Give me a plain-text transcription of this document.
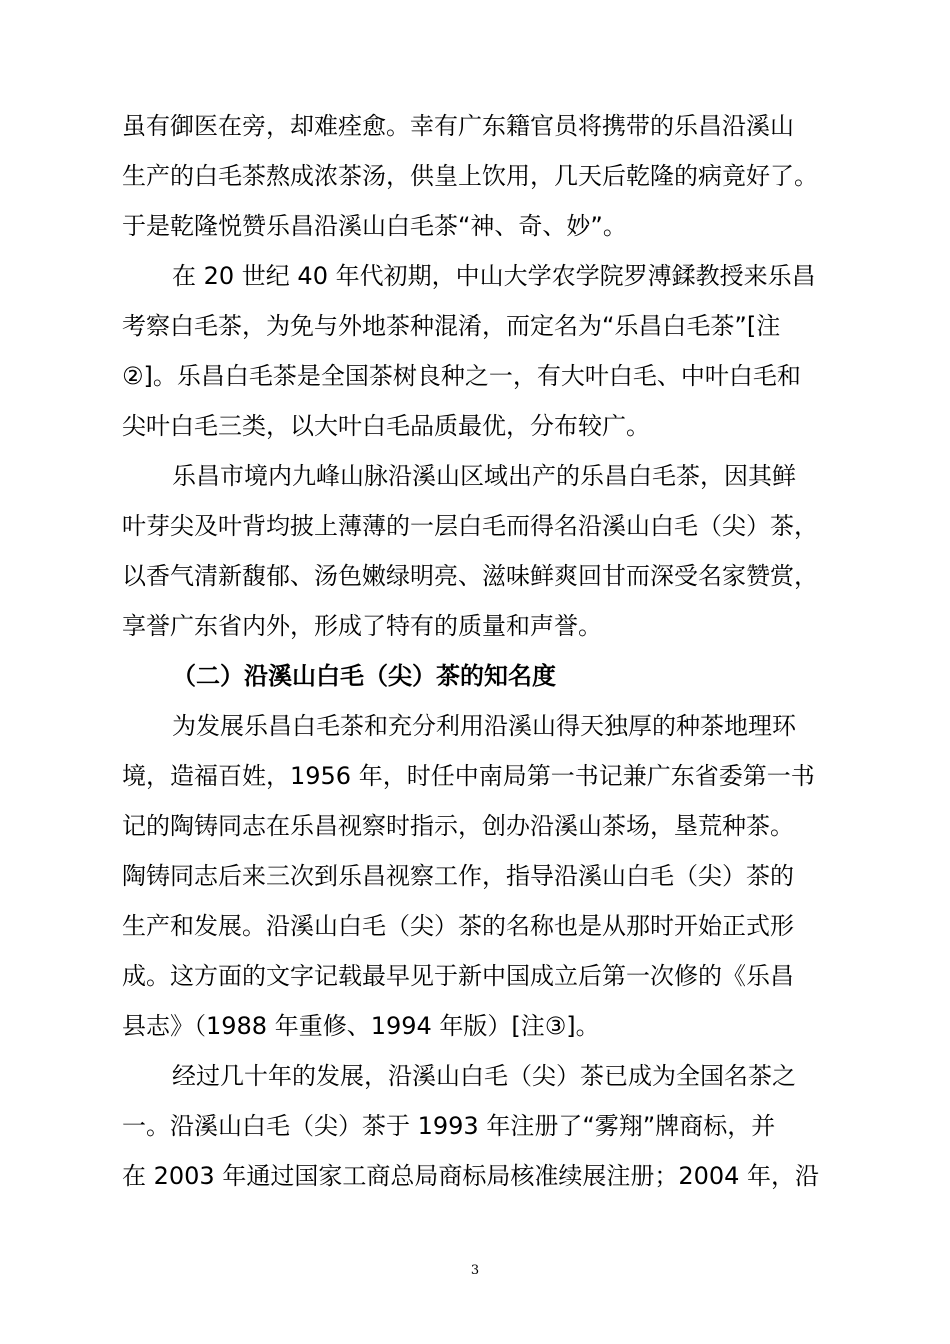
虽有御医在旁，却难痊愈。幸有广东籍官员将携带的乐昌沿溪山
生产的白毛茶熬成浓茶汤，供皇上饮用，几天后乾隆的病竟好了。
于是乾隆悦赞乐昌沿溪山白毛茶“神、奇、妙”。
在 20 世纪 40 年代初期，中山大学农学院罗溥鍒教授来乐昌
考察白毛茶，为免与外地茶种混淆，而定名为“乐昌白毛茶”[注
②]。乐昌白毛茶是全国茶树良种之一，有大叶白毛、中叶白毛和
尖叶白毛三类，以大叶白毛品质最优，分布较广。
乐昌市境内九峰山脉沿溪山区域出产的乐昌白毛茶，因其鲜
叶芽尖及叶背均披上薄薄的一层白毛而得名沿溪山白毛（尖）茶，
以香气清新馥郁、汤色嫩绿明亮、滋味鲜爽回甘而深受名家赞赏，
享誉广东省内外，形成了特有的质量和声誉。
（二）沿溪山白毛（尖）茶的知名度
为发展乐昌白毛茶和充分利用沿溪山得天独厚的种茶地理环
境，造福百姓，1956 年，时任中南局第一书记兼广东省委第一书
记的陶铸同志在乐昌视察时指示，创办沿溪山茶场，垦荒种茶。
陶铸同志后来三次到乐昌视察工作，指导沿溪山白毛（尖）茶的
生产和发展。沿溪山白毛（尖）茶的名称也是从那时开始正式形
成。这方面的文字记载最早见于新中国成立后第一次修的《乐昌
县志》（1988 年重修、1994 年版）[注③]。
经过几十年的发展，沿溪山白毛（尖）茶已成为全国名茶之
一。沿溪山白毛（尖）茶于 1993 年注册了“雾翔”牌商标，并
在 2003 年通过国家工商总局商标局核准续展注册；2004 年，沿
3
